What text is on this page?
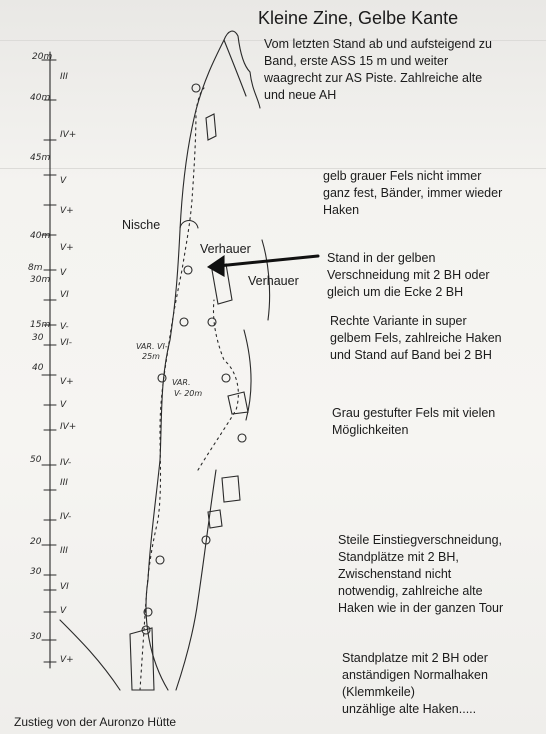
Kleine Zine, Gelbe Kante
Vom letzten Stand ab und aufsteigend zu
Band, erste ASS 15 m und weiter
waagrecht zur AS Piste. Zahlreiche alte
und neue AH
gelb grauer Fels nicht immer
ganz fest, Bänder, immer wieder
Haken
Stand in der gelben
Verschneidung mit 2 BH oder
gleich um die Ecke 2 BH
Rechte Variante in super
gelbem Fels, zahlreiche Haken
und Stand auf Band bei 2 BH
Grau gestufter Fels mit vielen
Möglichkeiten
Steile Einstiegverschneidung,
Standplätze mit 2 BH,
Zwischenstand nicht
notwendig, zahlreiche alte
Haken wie in der ganzen Tour
Standplatze mit 2 BH oder
anständigen Normalhaken
(Klemmkeile)
unzählige alte Haken.....
Nische
Verhauer
Verhauer
Zustieg von der Auronzo Hütte
20m
40m
45m
40m
8m
30m
15m
30
40
50
20
30
30
III
IV+
V
V+
V+
V
VI
V-
VI-
V+
V
IV+
IV-
III
IV-
III
VI
V
V+
VAR. VI-
25m
VAR.
V- 20m
